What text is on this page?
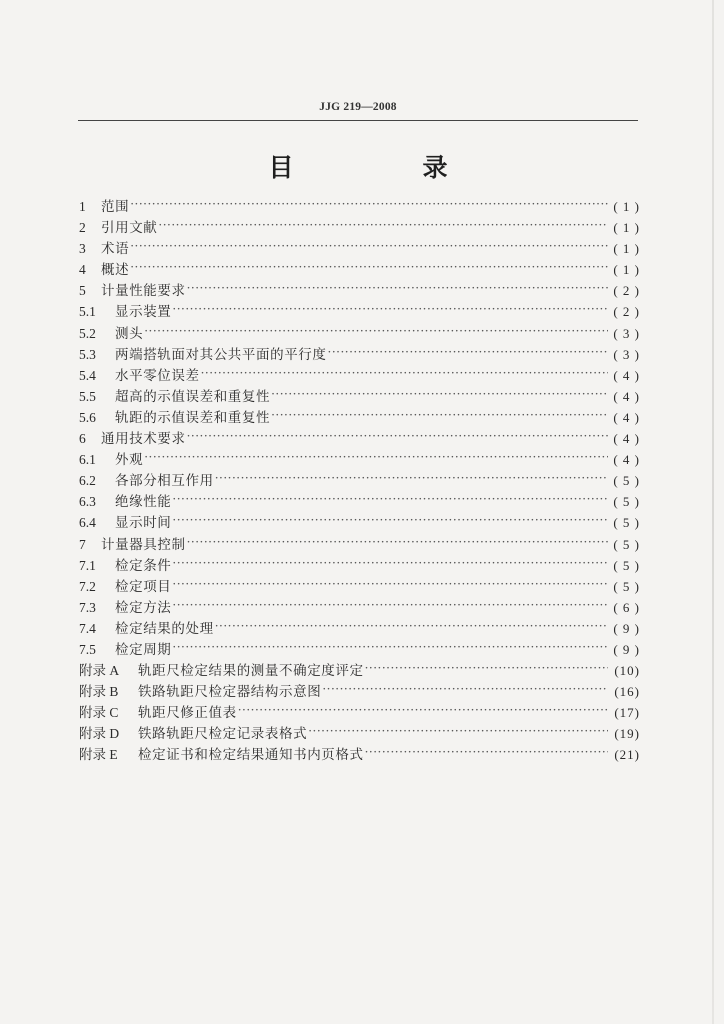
JJG 219—2008
目　录
1	范围 ·····	( 1 )
2	引用文献 ·····	( 1 )
3	术语 ·····	( 1 )
4	概述 ·····	( 1 )
5	计量性能要求 ·····	( 2 )
5.1	显示装置 ·····	( 2 )
5.2	测头 ·····	( 3 )
5.3	两端搭轨面对其公共平面的平行度 ·····	( 3 )
5.4	水平零位误差 ·····	( 4 )
5.5	超高的示值误差和重复性 ·····	( 4 )
5.6	轨距的示值误差和重复性 ·····	( 4 )
6	通用技术要求 ·····	( 4 )
6.1	外观 ·····	( 4 )
6.2	各部分相互作用 ·····	( 5 )
6.3	绝缘性能 ·····	( 5 )
6.4	显示时间 ·····	( 5 )
7	计量器具控制 ·····	( 5 )
7.1	检定条件 ·····	( 5 )
7.2	检定项目 ·····	( 5 )
7.3	检定方法 ·····	( 6 )
7.4	检定结果的处理 ·····	( 9 )
7.5	检定周期 ·····	( 9 )
附录 A	轨距尺检定结果的测量不确定度评定 ·····	(10)
附录 B	铁路轨距尺检定器结构示意图 ·····	(16)
附录 C	轨距尺修正值表 ·····	(17)
附录 D	铁路轨距尺检定记录表格式 ·····	(19)
附录 E	检定证书和检定结果通知书内页格式 ·····	(21)
